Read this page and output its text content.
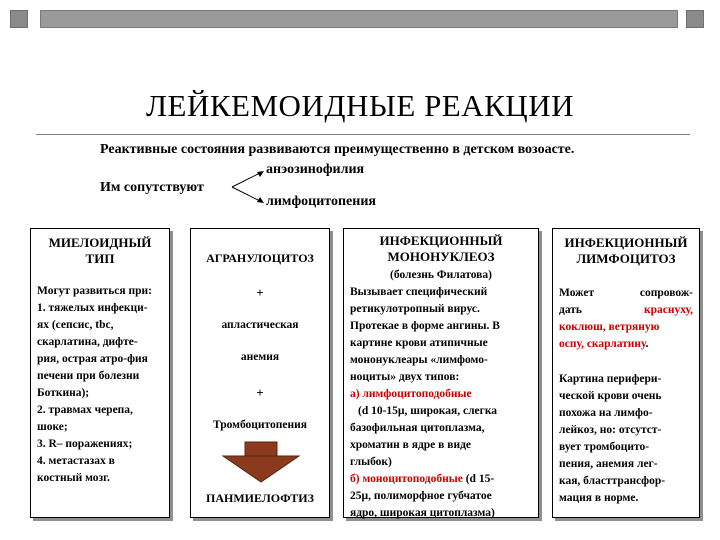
ЛЕЙКЕМОИДНЫЕ РЕАКЦИИ
Реактивные состояния развиваются преимущественно в детском возоасте.
Им сопутствуют
анэозинофилия
лимфоцитопения
МИЕЛОИДНЫЙ
ТИП
Могут развиться при:
1. тяжелых инфекци-
ях (сепсис, tbc,
скарлатина, дифте-
рия, острая атро-фия
печени при болезни
Боткина);
2. травмах черепа,
шоке;
3. R– поражениях;
4. метастазах в
костный мозг.
АГРАНУЛОЦИТОЗ
+
апластическая
анемия
+
Тромбоцитопения
ПАНМИЕЛОФТИЗ
ИНФЕКЦИОННЫЙ
МОНОНУКЛЕОЗ
(болезнь Филатова)
Вызывает специфический
ретикулотропный вирус.
Протекае в форме ангины. В
картине крови атипичные
мононуклеары «лимфомо-
ноциты» двух типов:
а) лимфоцитоподобные
(d 10-15µ, широкая, слегка
базофильная цитоплазма,
хроматин в ядре в виде
глыбок)
б) моноцитоподобные (d 15-
25µ, полиморфное губчатое
ядро, широкая цитоплазма)
ИНФЕКЦИОННЫЙ
ЛИМФОЦИТОЗ
Может	сопровож-
дать	краснуху,
коклюш, ветряную
оспу, скарлатину.
Картина перифери-
ческой крови очень
похожа на лимфо-
лейкоз, но: отсутст-
вует тромбоцито-
пения, анемия лег-
кая, бласттрансфор-
мация в норме.
